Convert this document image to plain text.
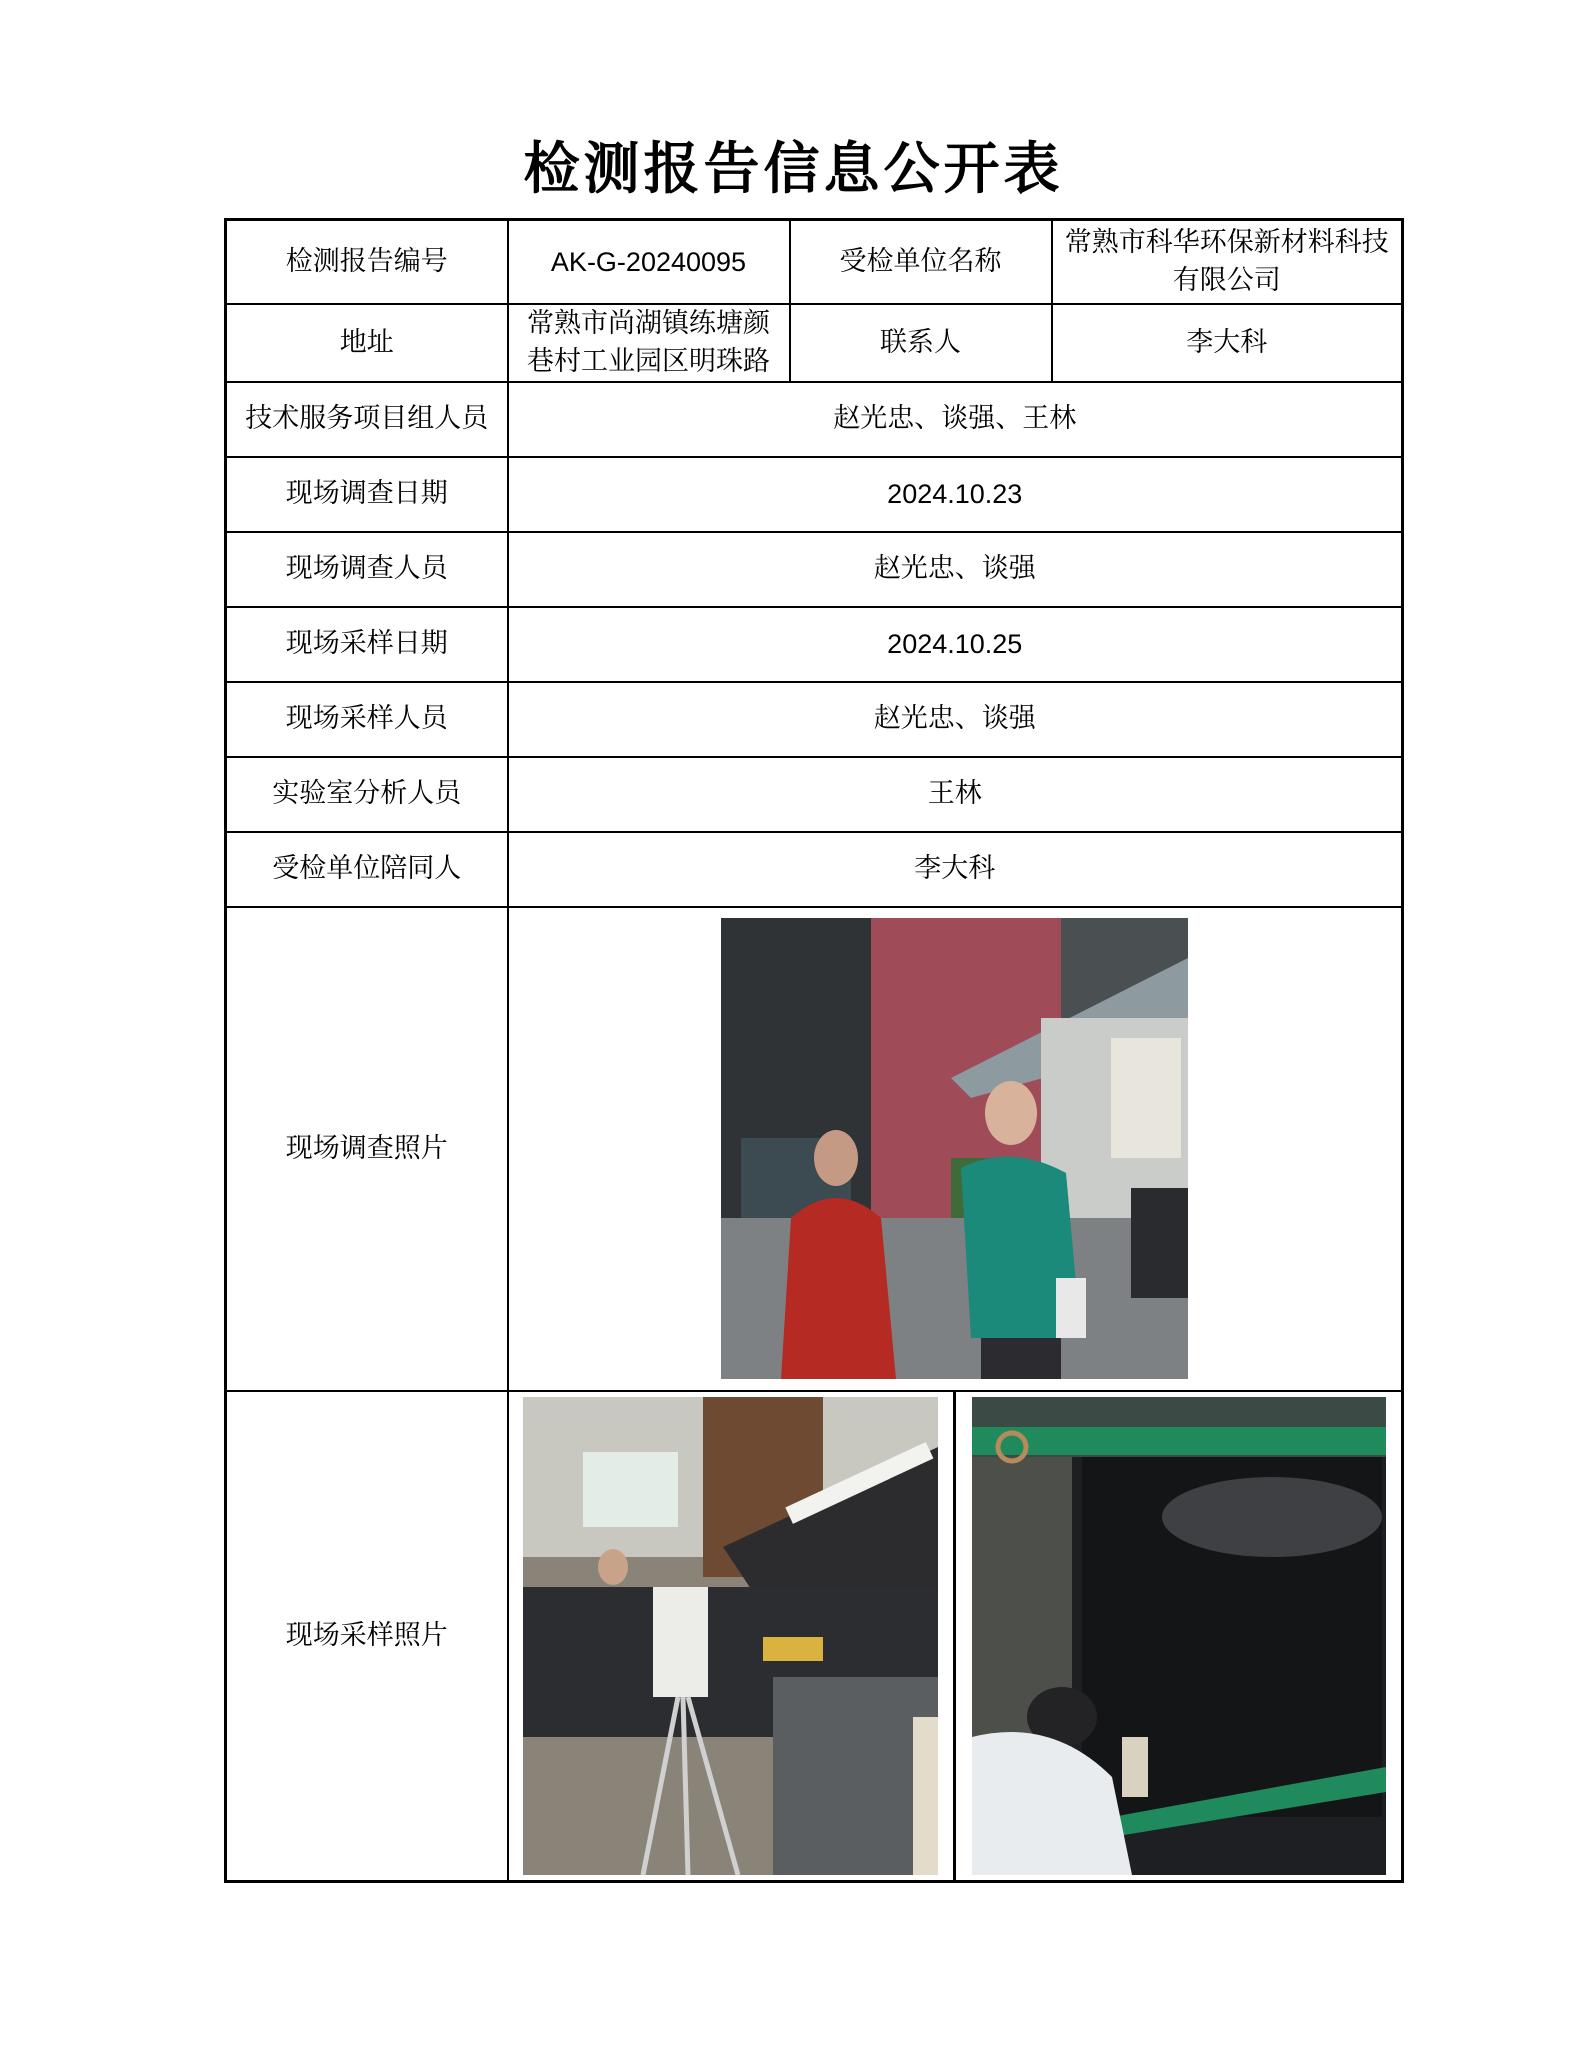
检测报告信息公开表
检测报告编号	AK-G-20240095	受检单位名称	常熟市科华环保新材料科技有限公司
地址	常熟市尚湖镇练塘颜巷村工业园区明珠路	联系人	李大科
技术服务项目组人员	赵光忠、谈强、王林		
现场调查日期	2024.10.23		
现场调查人员	赵光忠、谈强		
现场采样日期	2024.10.25		
现场采样人员	赵光忠、谈强		
实验室分析人员	王林		
受检单位陪同人	李大科		
现场调查照片	

现场采样照片	
